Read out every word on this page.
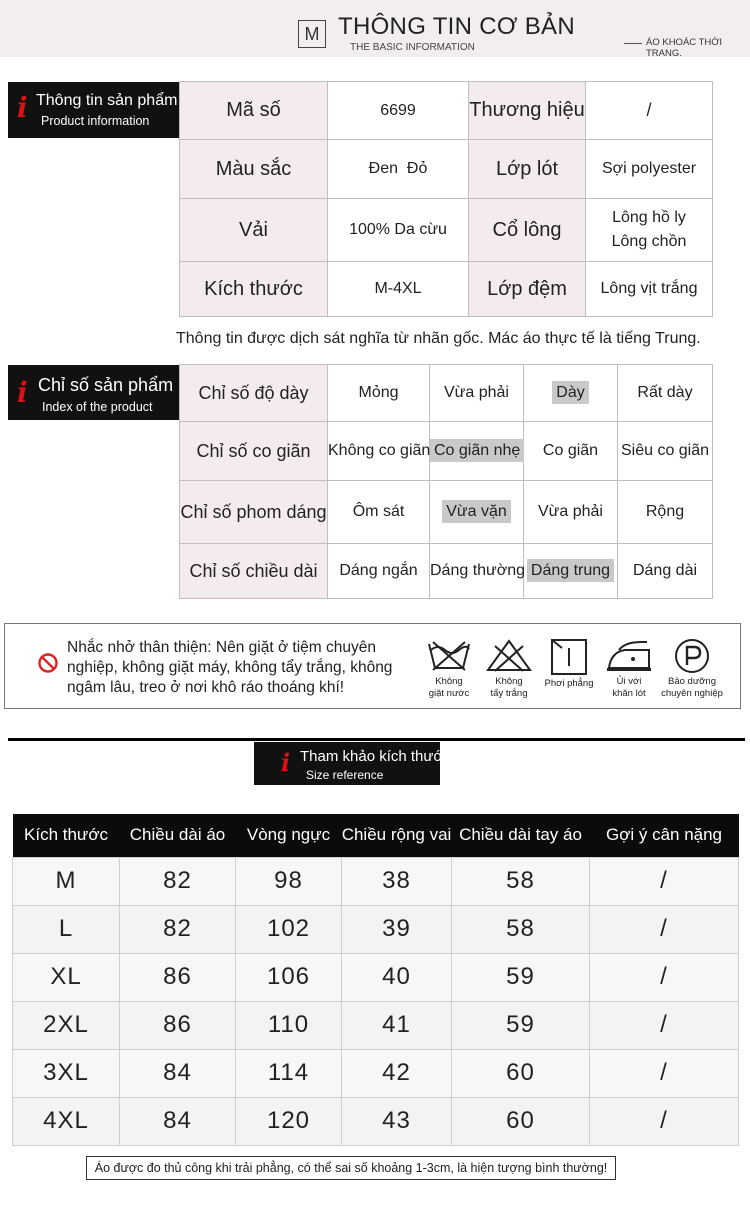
M THÔNG TIN CƠ BẢN
THE BASIC INFORMATION	ÁO KHOÁC THỜI TRANG.
i Thông tin sản phẩm
Product information	Mã số	6699	Thương hiệu	/
Màu sắc	Đen  Đỏ	Lớp lót	Sợi polyester
Vải	100% Da cừu	Cổ lông	Lông hồ ly
Lông chồn
Kích thước	M-4XL	Lớp đệm	Lông vịt trắng
Thông tin được dịch sát nghĩa từ nhãn gốc. Mác áo thực tế là tiếng Trung.
i Chỉ số sản phẩm
Index of the product
Chỉ số độ dày	Mỏng	Vừa phải	Dày	Rất dày
Chỉ số co giãn	Không co giãn	Co giãn nhẹ	Co giãn	Siêu co giãn
Chỉ số phom dáng	Ôm sát	Vừa vặn	Vừa phải	Rộng
Chỉ số chiều dài	Dáng ngắn	Dáng thường	Dáng trung	Dáng dài
Nhắc nhở thân thiện: Nên giặt ở tiệm chuyên nghiệp, không giặt máy, không tẩy trắng, không ngâm lâu, treo ở nơi khô ráo thoáng khí!	Không
giặt nước
Không
tẩy trắng
Phơi phẳng	Ủi với
khăn lót
Bảo dưỡng
chuyên nghiệp
i Tham khảo kích thước
Size reference
Kích thước	Chiều dài áo	Vòng ngực	Chiều rộng vai	Chiều dài tay áo	Gợi ý cân nặng
M	82	98	38	58	/
L	82	102	39	58	/
XL	86	106	40	59	/
2XL	86	110	41	59	/
3XL	84	114	42	60	/
4XL	84	120	43	60	/
Áo được đo thủ công khi trải phẳng, có thể sai số khoảng 1-3cm, là hiện tượng bình thường!
